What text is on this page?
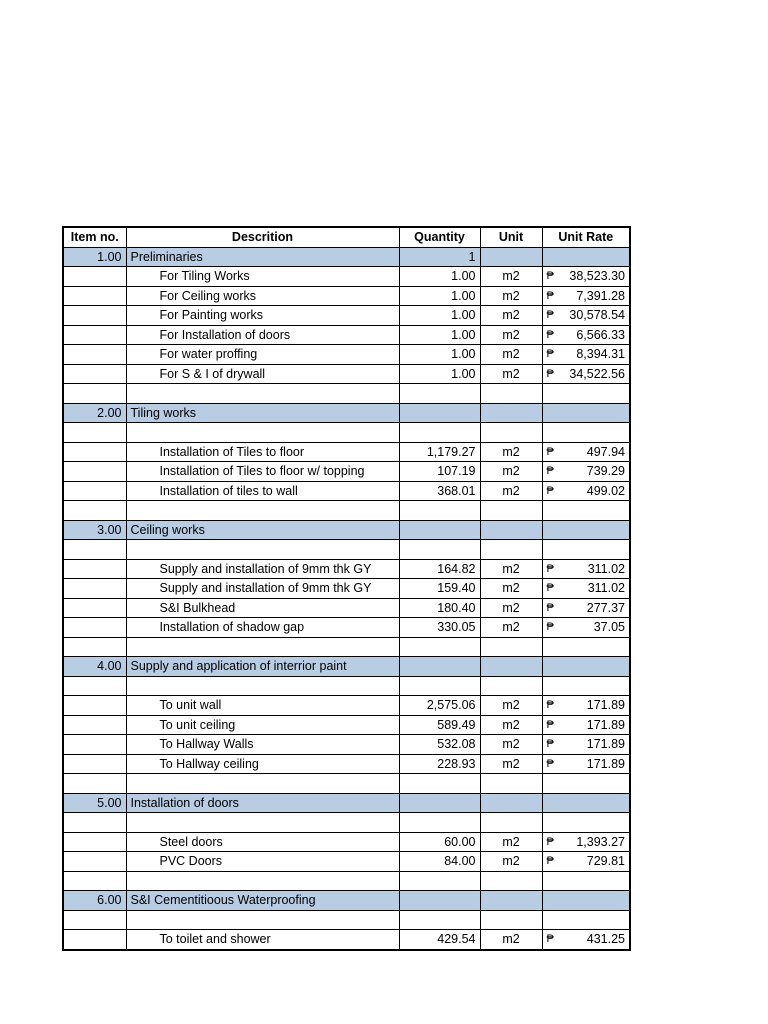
Item no.	Descrition	Quantity	Unit	Unit Rate
1.00	Preliminaries	1		
	For Tiling Works	1.00	m2	₱ 38,523.30

	For Ceiling works	1.00	m2	₱ 7,391.28

	For Painting works	1.00	m2	₱ 30,578.54

	For Installation of doors	1.00	m2	₱ 6,566.33

	For water proffing	1.00	m2	₱ 8,394.31

	For S & I of drywall	1.00	m2	₱ 34,522.56

2.00	Tiling works			

	Installation of Tiles to floor	1,179.27	m2	₱ 497.94

	Installation of Tiles to floor w/ topping	107.19	m2	₱ 739.29

	Installation of tiles to wall	368.01	m2	₱ 499.02

3.00	Ceiling works			

	Supply and installation of 9mm thk GY	164.82	m2	₱ 311.02

	Supply and installation of 9mm thk GY	159.40	m2	₱ 311.02

	S&I Bulkhead	180.40	m2	₱ 277.37

	Installation of shadow gap	330.05	m2	₱ 37.05

4.00	Supply and application of interrior paint			

	To unit wall	2,575.06	m2	₱ 171.89

	To unit ceiling	589.49	m2	₱ 171.89

	To Hallway Walls	532.08	m2	₱ 171.89

	To Hallway ceiling	228.93	m2	₱ 171.89

5.00	Installation of doors			

	Steel doors	60.00	m2	₱ 1,393.27

	PVC Doors	84.00	m2	₱ 729.81

6.00	S&I Cementitioous Waterproofing			

	To toilet and shower	429.54	m2	₱ 431.25
